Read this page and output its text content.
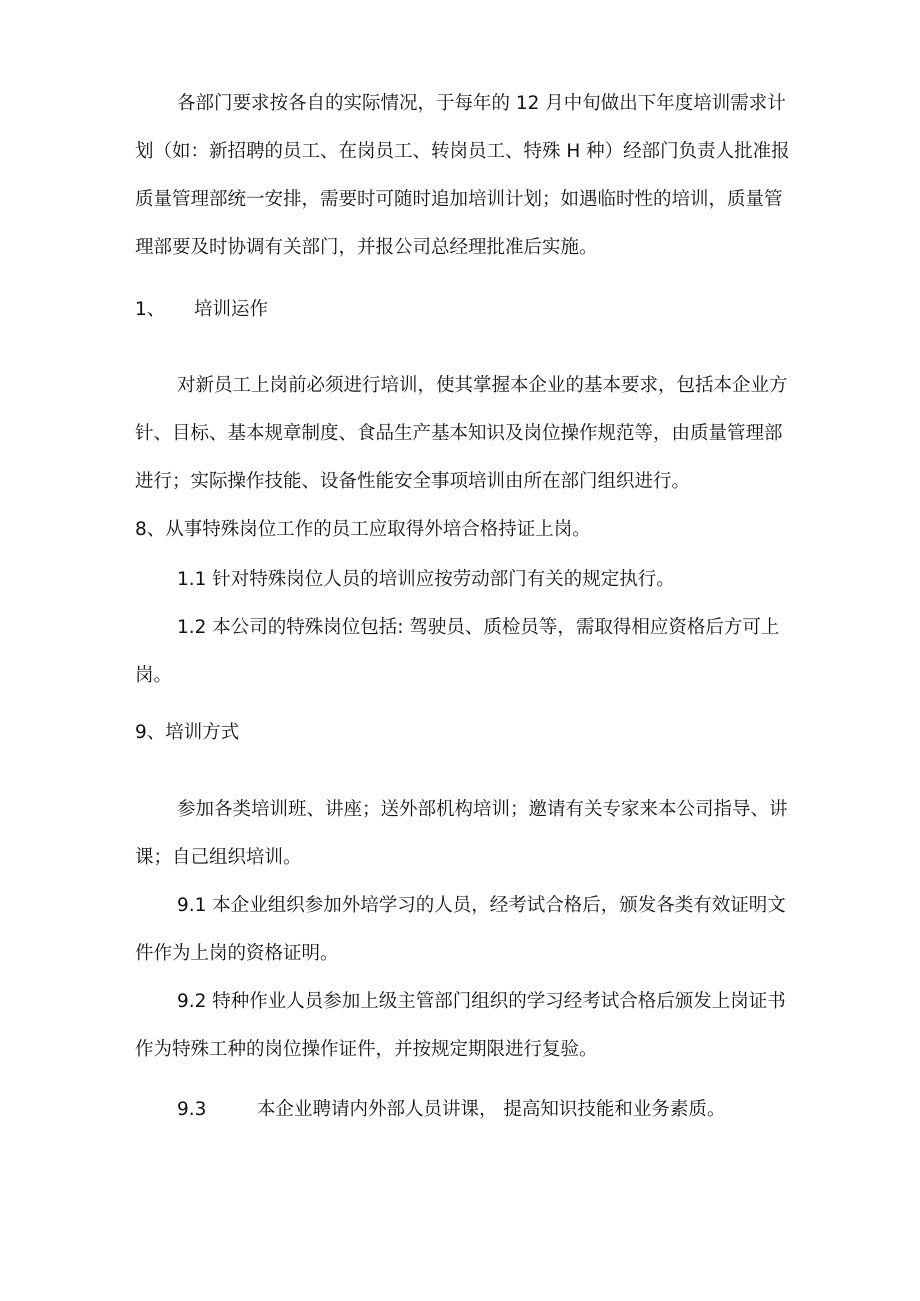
各部门要求按各自的实际情况，于每年的 12 月中旬做出下年度培训需求计划（如：新招聘的员工、在岗员工、转岗员工、特殊 H 种）经部门负责人批准报质量管理部统一安排，需要时可随时追加培训计划；如遇临时性的培训，质量管理部要及时协调有关部门，并报公司总经理批准后实施。

1、 培训运作

对新员工上岗前必须进行培训，使其掌握本企业的基本要求，包括本企业方针、目标、基本规章制度、食品生产基本知识及岗位操作规范等，由质量管理部进行；实际操作技能、设备性能安全事项培训由所在部门组织进行。

8、从事特殊岗位工作的员工应取得外培合格持证上岗。

1.1 针对特殊岗位人员的培训应按劳动部门有关的规定执行。

1.2 本公司的特殊岗位包括: 驾驶员、质检员等，需取得相应资格后方可上岗。

9、培训方式

参加各类培训班、讲座；送外部机构培训；邀请有关专家来本公司指导、讲课；自己组织培训。

9.1 本企业组织参加外培学习的人员，经考试合格后，颁发各类有效证明文件作为上岗的资格证明。

9.2 特种作业人员参加上级主管部门组织的学习经考试合格后颁发上岗证书作为特殊工种的岗位操作证件，并按规定期限进行复验。

9.3	本企业聘请内外部人员讲课， 提高知识技能和业务素质。
